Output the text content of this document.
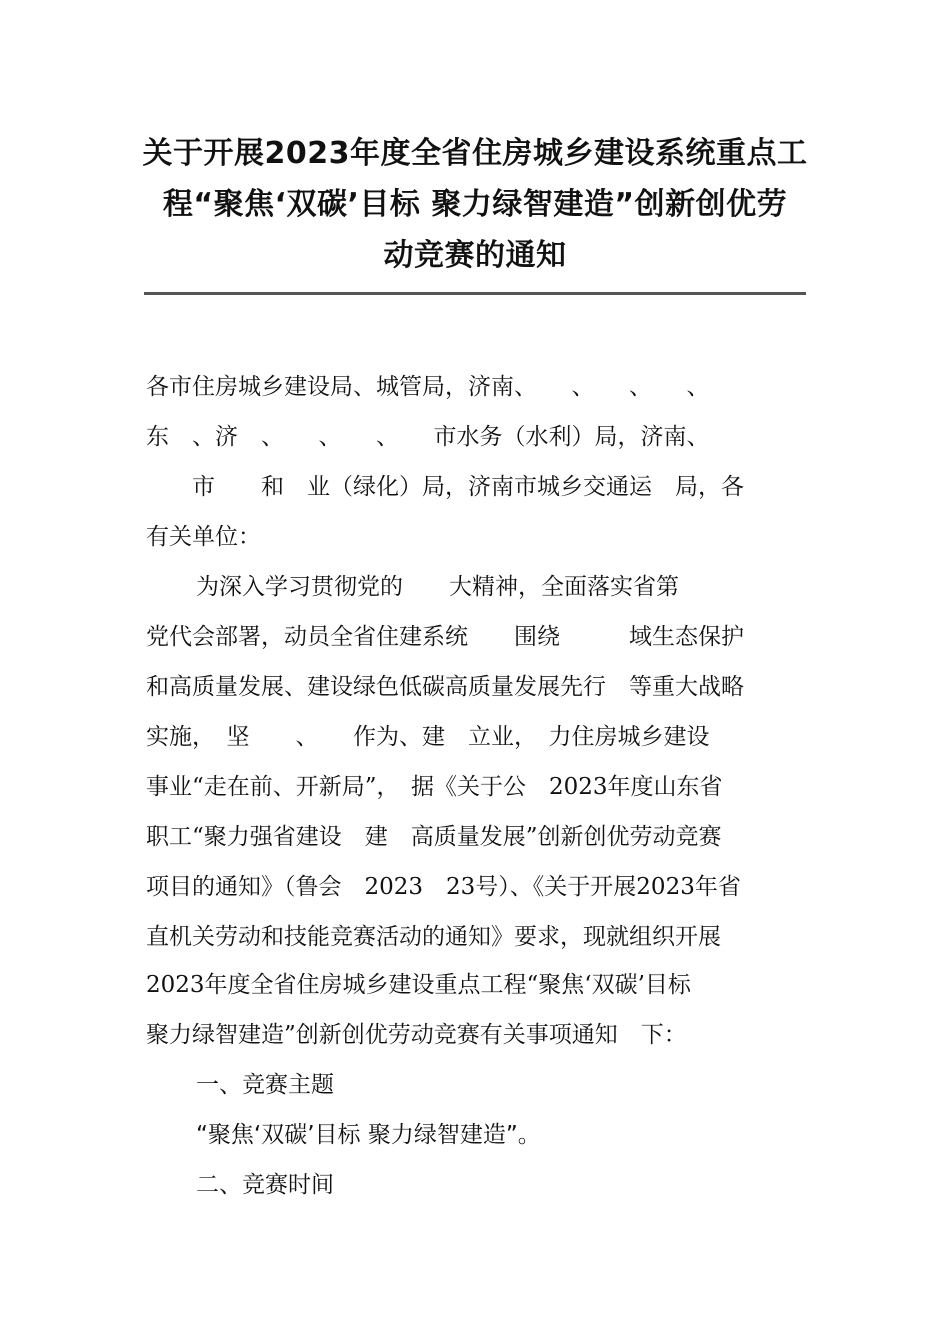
关于开展2023年度全省住房城乡建设系统重点工
程“聚焦‘双碳’目标 聚力绿智建造”创新创优劳
动竞赛的通知
各市住房城乡建设局、城管局，济南、　　、　　、　　、
东　、济　、　　、　　、　　市水务（水利）局，济南、
　　市　　和　业（绿化）局，济南市城乡交通运　局，各
有关单位：
为深入学习贯彻党的　　大精神，全面落实省第
党代会部署，动员全省住建系统　　围绕　　　域生态保护
和高质量发展、建设绿色低碳高质量发展先行　等重大战略
实施，　坚　　、　　作为、建　立业，　力住房城乡建设
事业“走在前、开新局”，　据《关于公　2023年度山东省
职工“聚力强省建设　建　高质量发展”创新创优劳动竞赛
项目的通知》（鲁会　2023　23号）、《关于开展2023年省
直机关劳动和技能竞赛活动的通知》要求，现就组织开展
2023年度全省住房城乡建设重点工程“聚焦‘双碳’目标
聚力绿智建造”创新创优劳动竞赛有关事项通知　下：
一、竞赛主题
“聚焦‘双碳’目标 聚力绿智建造”。
二、竞赛时间
